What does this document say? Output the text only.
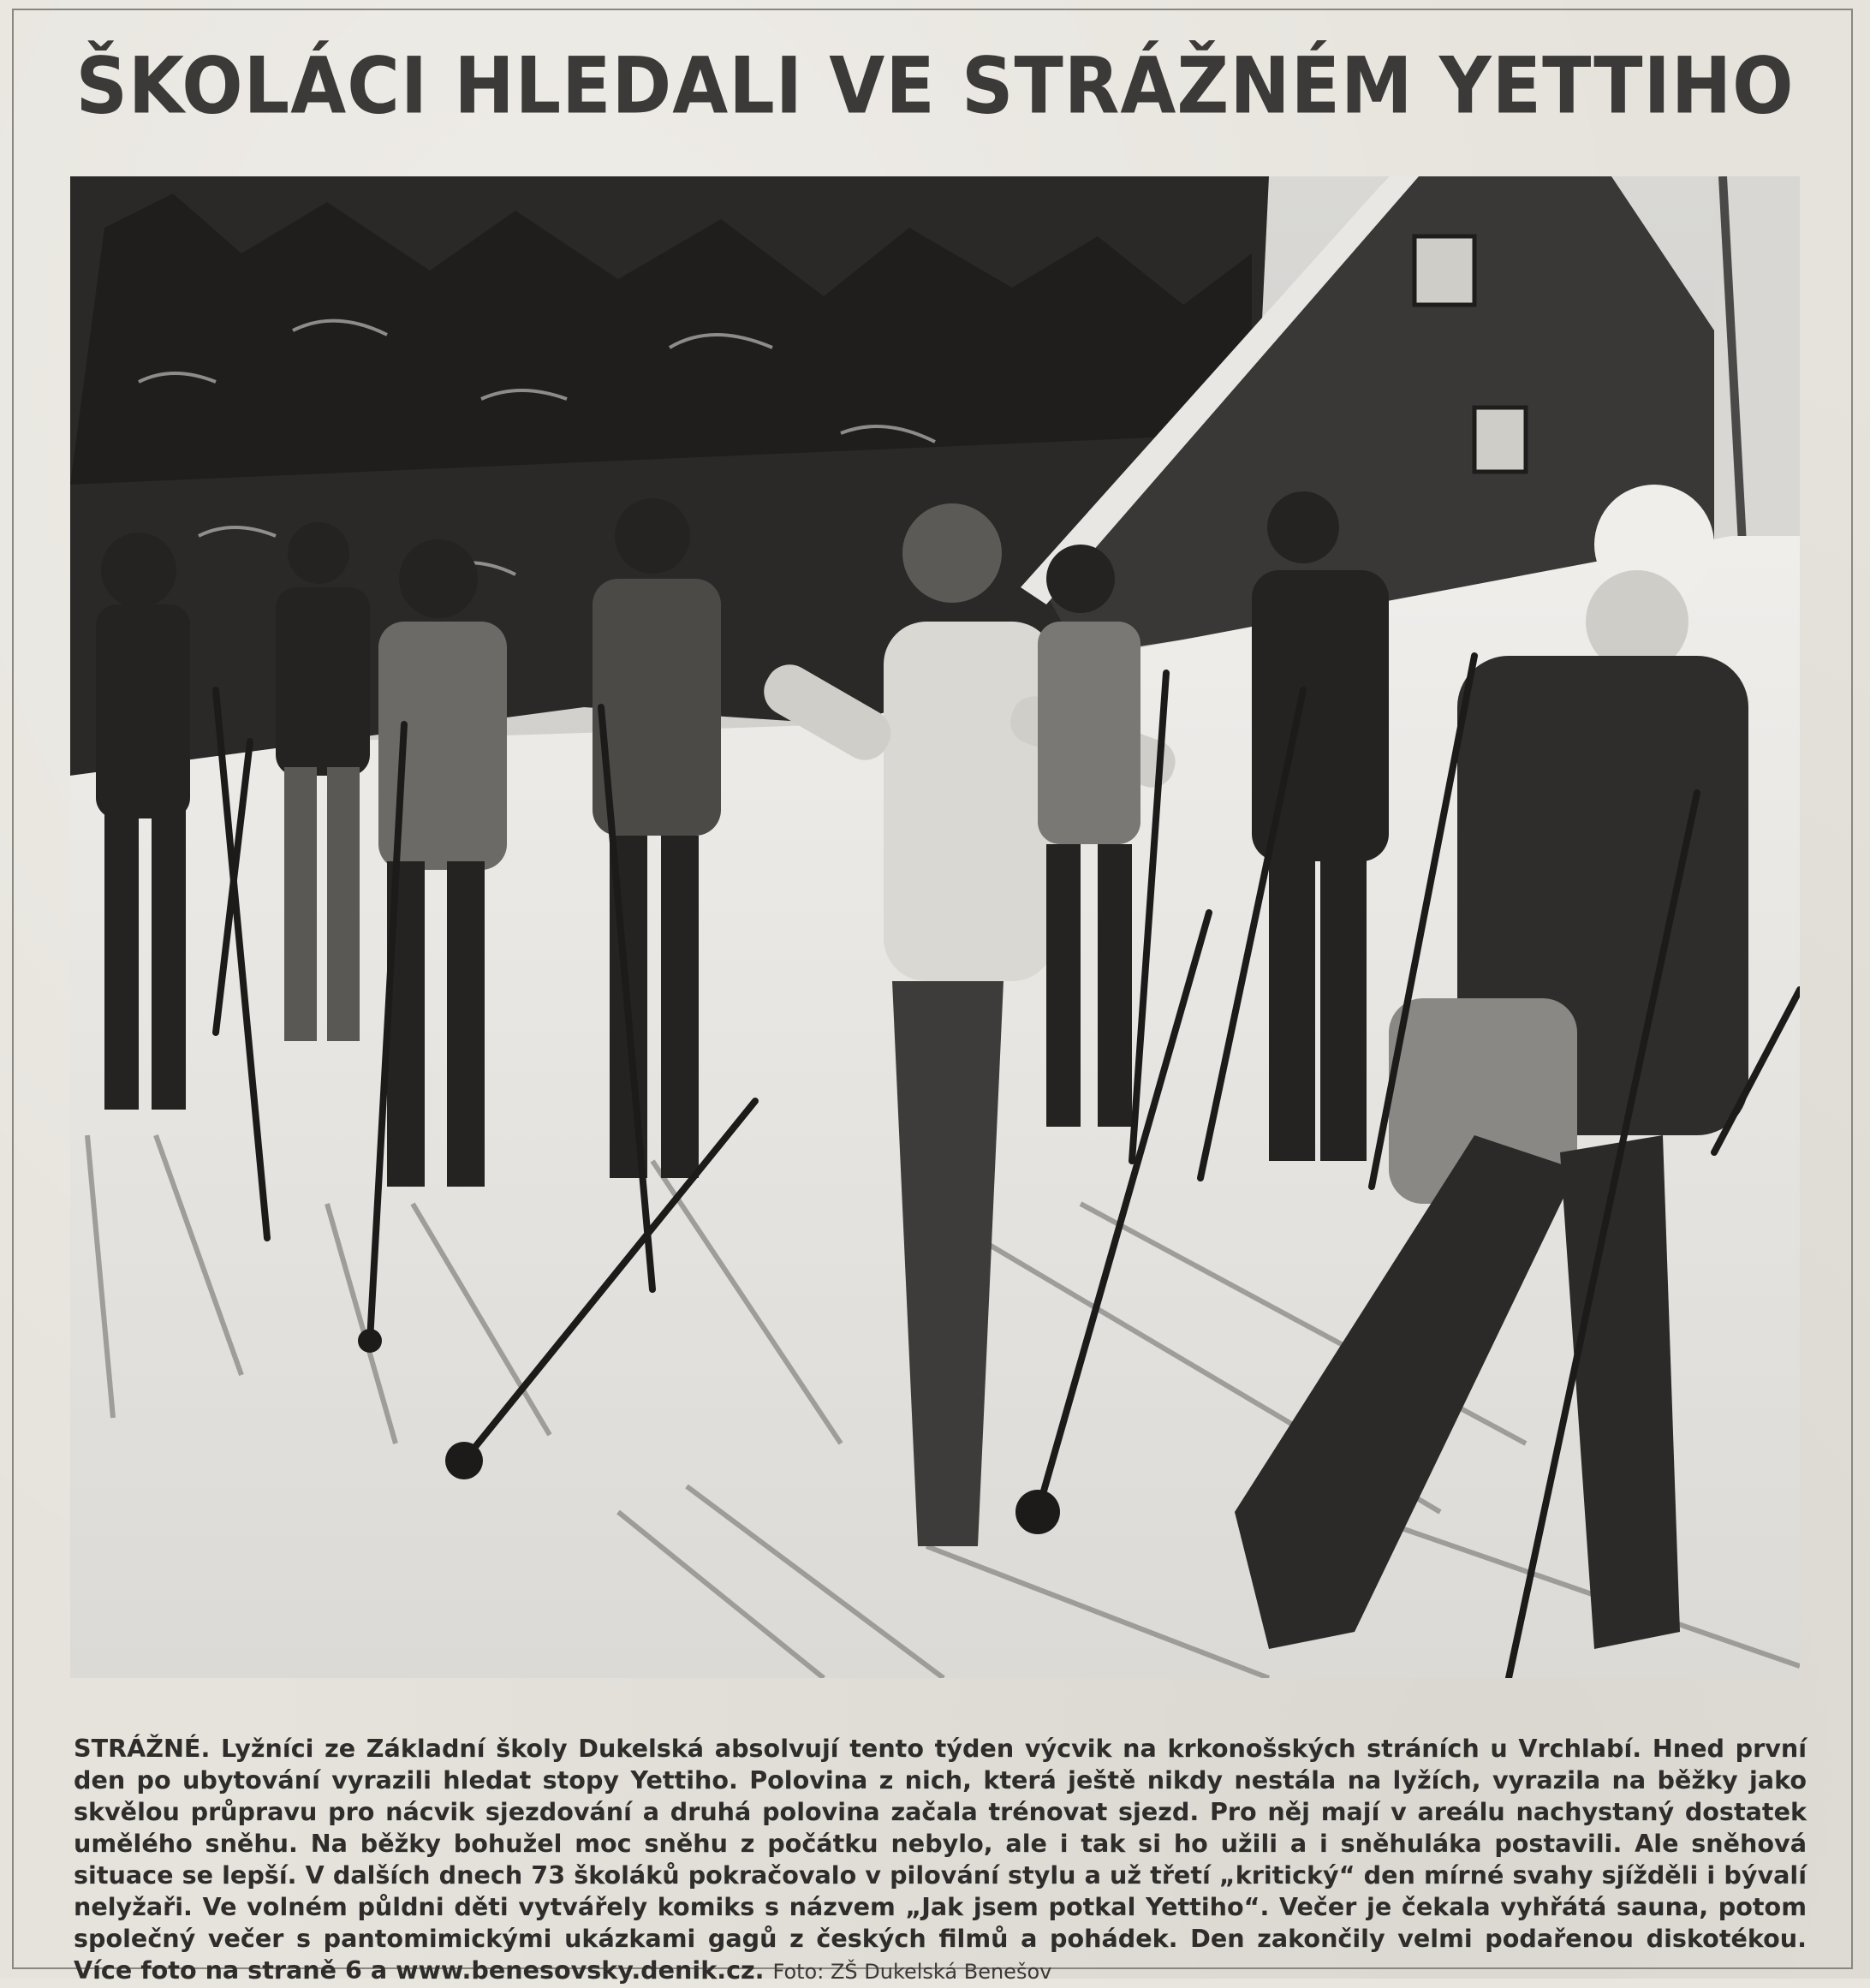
ŠKOLÁCI HLEDALI VE STRÁŽNÉM YETTIHO
STRÁŽNÉ. Lyžníci ze Základní školy Dukelská absolvují tento týden výcvik na krkonošských stráních u Vrchlabí. Hned první den po ubytování vyrazili hledat stopy Yettiho. Polovina z nich, která ještě nikdy nestála na lyžích, vyrazila na běžky jako skvělou průpravu pro nácvik sjezdování a druhá polovina začala trénovat sjezd. Pro něj mají v areálu nachystaný dostatek umělého sněhu. Na běžky bohužel moc sněhu z počátku nebylo, ale i tak si ho užili a i sněhuláka postavili. Ale sněhová situace se lepší. V dalších dnech 73 školáků pokračovalo v pilování stylu a už třetí „kritický“ den mírné svahy sjížděli i bývalí nelyžaři. Ve volném půldni děti vytvářely komiks s názvem „Jak jsem potkal Yettiho“. Večer je čekala vyhřátá sauna, potom společný večer s pantomimickými ukázkami gagů z českých filmů a pohádek. Den zakončily velmi podařenou diskotékou. Více foto na straně 6 a www.benesovsky.denik.cz. Foto: ZŠ Dukelská Benešov
